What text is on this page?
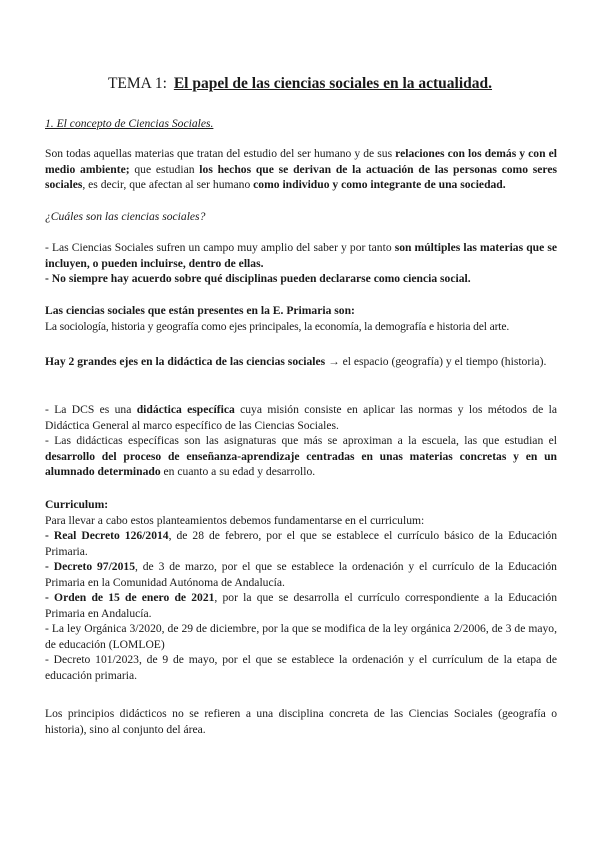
TEMA 1: El papel de las ciencias sociales en la actualidad.

1. El concepto de Ciencias Sociales.

Son todas aquellas materias que tratan del estudio del ser humano y de sus relaciones con los demás y con el medio ambiente; que estudian los hechos que se derivan de la actuación de las personas como seres sociales, es decir, que afectan al ser humano como individuo y como integrante de una sociedad.

¿Cuáles son las ciencias sociales?

- Las Ciencias Sociales sufren un campo muy amplio del saber y por tanto son múltiples las materias que se incluyen, o pueden incluirse, dentro de ellas.

- No siempre hay acuerdo sobre qué disciplinas pueden declararse como ciencia social.

Las ciencias sociales que están presentes en la E. Primaria son:

La sociología, historia y geografía como ejes principales, la economía, la demografía e historia del arte.

Hay 2 grandes ejes en la didáctica de las ciencias sociales → el espacio (geografía) y el tiempo (historia).

- La DCS es una didáctica específica cuya misión consiste en aplicar las normas y los métodos de la Didáctica General al marco específico de las Ciencias Sociales.

- Las didácticas específicas son las asignaturas que más se aproximan a la escuela, las que estudian el desarrollo del proceso de enseñanza-aprendizaje centradas en unas materias concretas y en un alumnado determinado en cuanto a su edad y desarrollo.

Curriculum:

Para llevar a cabo estos planteamientos debemos fundamentarse en el curriculum:

- Real Decreto 126/2014, de 28 de febrero, por el que se establece el currículo básico de la Educación Primaria.

- Decreto 97/2015, de 3 de marzo, por el que se establece la ordenación y el currículo de la Educación Primaria en la Comunidad Autónoma de Andalucía.

- Orden de 15 de enero de 2021, por la que se desarrolla el currículo correspondiente a la Educación Primaria en Andalucía.

- La ley Orgánica 3/2020, de 29 de diciembre, por la que se modifica de la ley orgánica 2/2006, de 3 de mayo, de educación (LOMLOE)

- Decreto 101/2023, de 9 de mayo, por el que se establece la ordenación y el currículum de la etapa de educación primaria.

Los principios didácticos no se refieren a una disciplina concreta de las Ciencias Sociales (geografía o historia), sino al conjunto del área.
